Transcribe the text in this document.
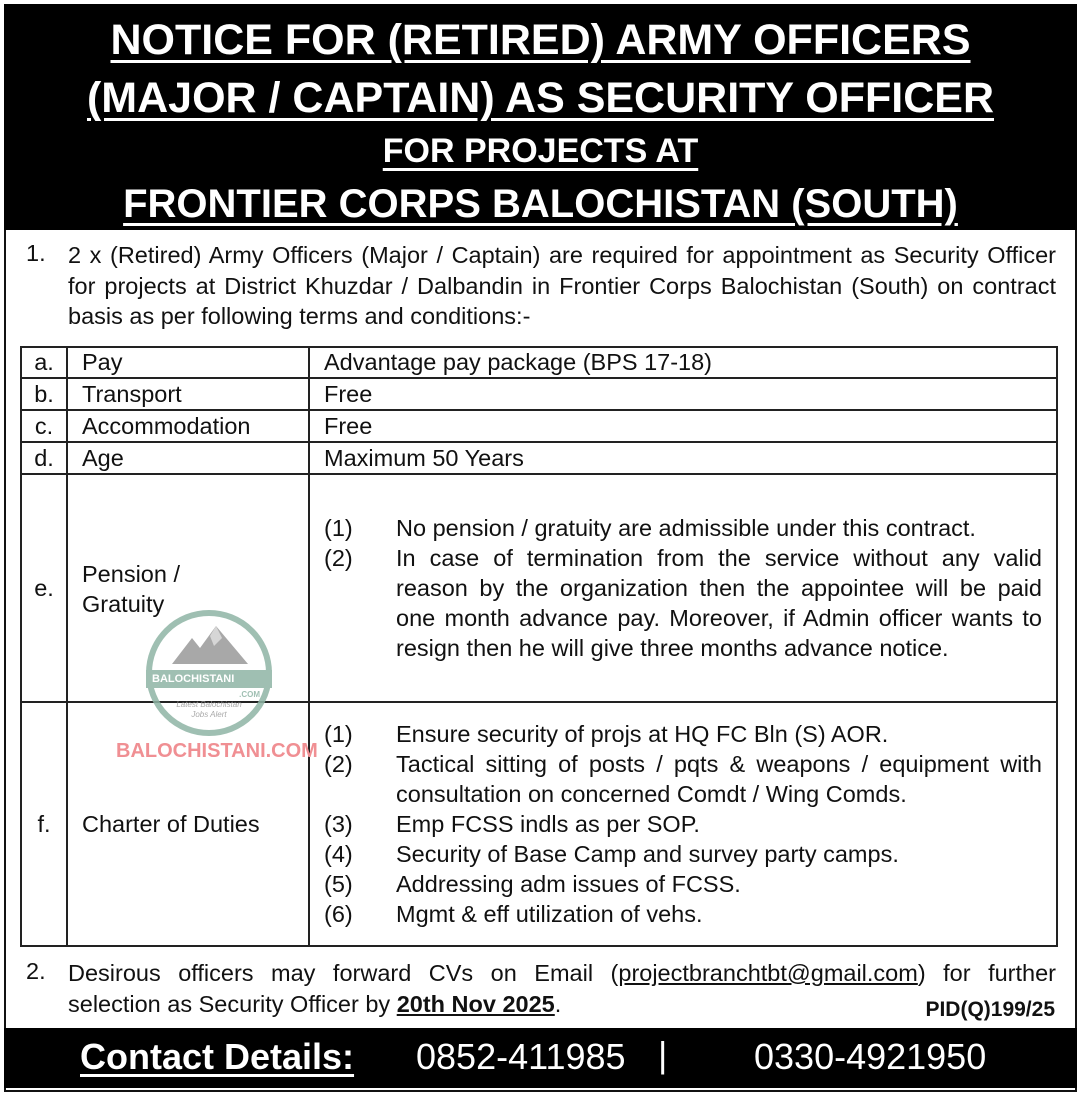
NOTICE FOR (RETIRED) ARMY OFFICERS
(MAJOR / CAPTAIN) AS SECURITY OFFICER
FOR PROJECTS AT
FRONTIER CORPS BALOCHISTAN (SOUTH)
1. 2 x (Retired) Army Officers (Major / Captain) are required for appointment as Security Officer for projects at District Khuzdar / Dalbandin in Frontier Corps Balochistan (South) on contract basis as per following terms and conditions:-
a.	Pay	Advantage pay package (BPS 17-18)
b.	Transport	Free
c.	Accommodation	Free
d.	Age	Maximum 50 Years
e.	Pension / Gratuity	(1) No pension / gratuity are admissible under this contract.
(2) In case of termination from the service without any valid reason by the organization then the appointee will be paid one month advance pay. Moreover, if Admin officer wants to resign then he will give three months advance notice.

f.	Charter of Duties	
(1)	Ensure security of projs at HQ FC Bln (S) AOR.
(2)	Tactical sitting of posts / pqts & weapons / equipment with consultation on concerned Comdt / Wing Comds.
(3)	Emp FCSS indls as per SOP.
(4)	Security of Base Camp and survey party camps.
(5)	Addressing adm issues of FCSS.
(6)	Mgmt & eff utilization of vehs.
BALOCHISTANI
.COM
Latest Balochistan
Jobs Alert
BALOCHISTANI.COM
2. Desirous officers may forward CVs on Email (projectbranchtbt@gmail.com) for further selection as Security Officer by 20th Nov 2025.	PID(Q)199/25
Contact Details: 0852-411985 | 0330-4921950
